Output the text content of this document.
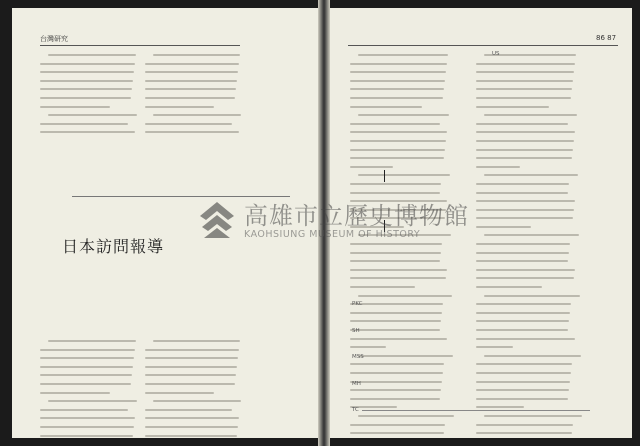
台灣研究
日本訪問報導
86 87
PKC
SH
MSS
MH
TC
US
高雄市立歷史博物館
KAOHSIUNG MUSEUM OF HISTORY
